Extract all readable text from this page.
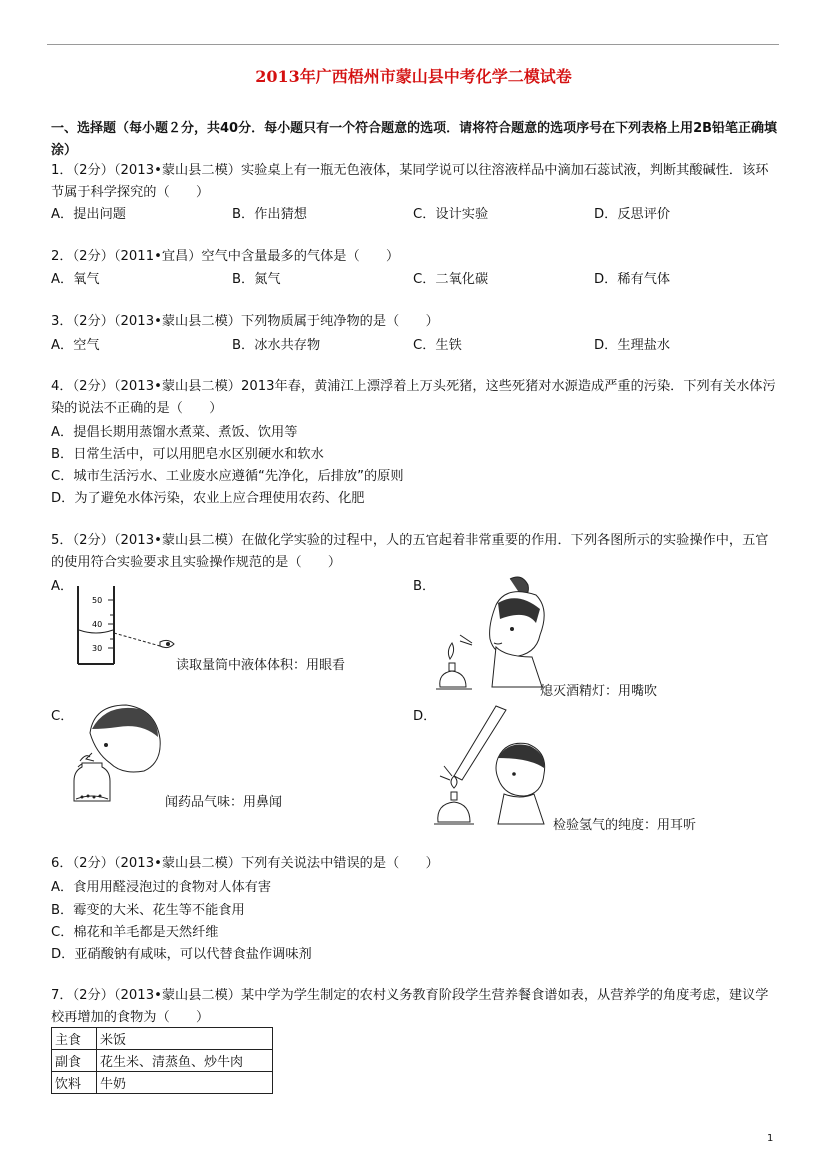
2013年广西梧州市蒙山县中考化学二模试卷
一、选择题（每小题２分，共40分．每小题只有一个符合题意的选项．请将符合题意的选项序号在下列表格上用2B铅笔正确填涂）
1．（2分）（2013•蒙山县二模）实验桌上有一瓶无色液体，某同学说可以往溶液样品中滴加石蕊试液，判断其酸碱性．该环节属于科学探究的（　　）
A．提出问题	B．作出猜想	C．设计实验	D．反思评价
2．（2分）（2011•宜昌）空气中含量最多的气体是（　　）
A．氧气	B．氮气	C．二氧化碳	D．稀有气体
3．（2分）（2013•蒙山县二模）下列物质属于纯净物的是（　　）
A．空气	B．冰水共存物	C．生铁	D．生理盐水
4．（2分）（2013•蒙山县二模）2013年春，黄浦江上漂浮着上万头死猪，这些死猪对水源造成严重的污染．下列有关水体污染的说法不正确的是（　　）
A．提倡长期用蒸馏水煮菜、煮饭、饮用等
B．日常生活中，可以用肥皂水区别硬水和软水
C．城市生活污水、工业废水应遵循“先净化，后排放”的原则
D．为了避免水体污染，农业上应合理使用农药、化肥
5．（2分）（2013•蒙山县二模）在做化学实验的过程中，人的五官起着非常重要的作用．下列各图所示的实验操作中，五官的使用符合实验要求且实验操作规范的是（　　）
A．	B．
C．	D．
50
40
30
读取量筒中液体体积：用眼看
熄灭酒精灯：用嘴吹
闻药品气味：用鼻闻
检验氢气的纯度：用耳听
6．（2分）（2013•蒙山县二模）下列有关说法中错误的是（　　）
A．食用用醛浸泡过的食物对人体有害
B．霉变的大米、花生等不能食用
C．棉花和羊毛都是天然纤维
D．亚硝酸钠有咸味，可以代替食盐作调味剂
7．（2分）（2013•蒙山县二模）某中学为学生制定的农村义务教育阶段学生营养餐食谱如表，从营养学的角度考虑，建议学校再增加的食物为（　　）
主食	米饭
副食	花生米、清蒸鱼、炒牛肉
饮料	牛奶
1
